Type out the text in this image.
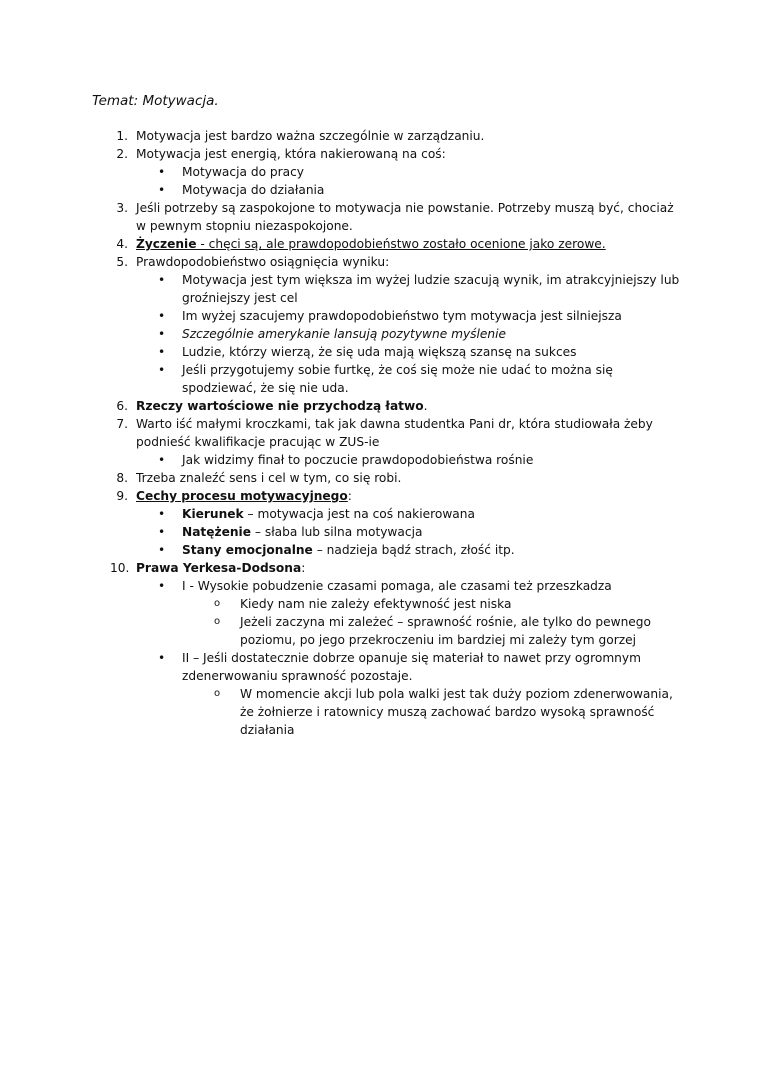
Temat: Motywacja.
1. Motywacja jest bardzo ważna szczególnie w zarządzaniu.
2. Motywacja jest energią, która nakierowaną na coś:
• Motywacja do pracy
• Motywacja do działania
3. Jeśli potrzeby są zaspokojone to motywacja nie powstanie. Potrzeby muszą być, chociaż w pewnym stopniu niezaspokojone.
4. Życzenie - chęci są, ale prawdopodobieństwo zostało ocenione jako zerowe.
5. Prawdopodobieństwo osiągnięcia wyniku:
• Motywacja jest tym większa im wyżej ludzie szacują wynik, im atrakcyjniejszy lub groźniejszy jest cel
• Im wyżej szacujemy prawdopodobieństwo tym motywacja jest silniejsza
• Szczególnie amerykanie lansują pozytywne myślenie
• Ludzie, którzy wierzą, że się uda mają większą szansę na sukces
• Jeśli przygotujemy sobie furtkę, że coś się może nie udać to można się spodziewać, że się nie uda.
6. Rzeczy wartościowe nie przychodzą łatwo.
7. Warto iść małymi kroczkami, tak jak dawna studentka Pani dr, która studiowała żeby podnieść kwalifikacje pracując w ZUS-ie
• Jak widzimy finał to poczucie prawdopodobieństwa rośnie
8. Trzeba znaleźć sens i cel w tym, co się robi.
9. Cechy procesu motywacyjnego:
• Kierunek – motywacja jest na coś nakierowana
• Natężenie – słaba lub silna motywacja
• Stany emocjonalne – nadzieja bądź strach, złość itp.
10. Prawa Yerkesa-Dodsona:
• I - Wysokie pobudzenie czasami pomaga, ale czasami też przeszkadza
o Kiedy nam nie zależy efektywność jest niska
o Jeżeli zaczyna mi zależeć – sprawność rośnie, ale tylko do pewnego poziomu, po jego przekroczeniu im bardziej mi zależy tym gorzej
• II – Jeśli dostatecznie dobrze opanuje się materiał to nawet przy ogromnym zdenerwowaniu sprawność pozostaje.
o W momencie akcji lub pola walki jest tak duży poziom zdenerwowania, że żołnierze i ratownicy muszą zachować bardzo wysoką sprawność działania
